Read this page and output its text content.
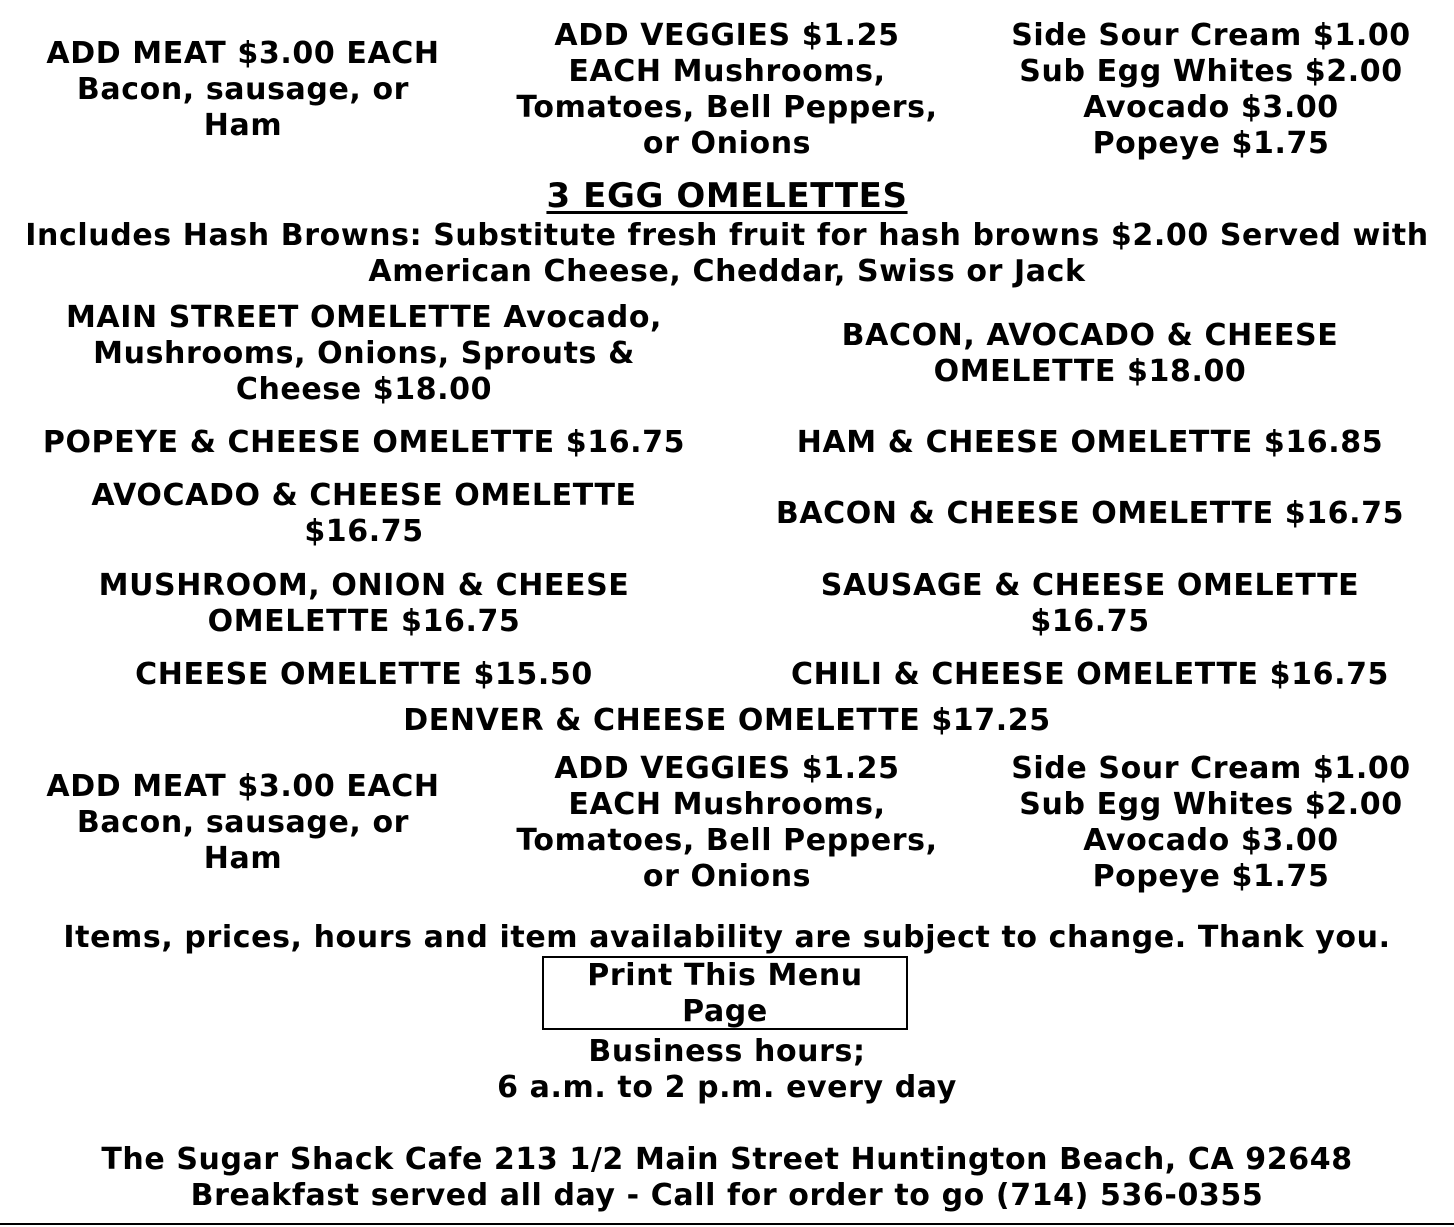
ADD MEAT $3.00 EACH
Bacon, sausage, or
Ham
ADD VEGGIES $1.25
EACH Mushrooms,
Tomatoes, Bell Peppers,
or Onions
Side Sour Cream $1.00
Sub Egg Whites $2.00
Avocado $3.00
Popeye $1.75
3 EGG OMELETTES
Includes Hash Browns: Substitute fresh fruit for hash browns $2.00 Served with
American Cheese, Cheddar, Swiss or Jack
MAIN STREET OMELETTE Avocado,
Mushrooms, Onions, Sprouts &
Cheese $18.00
POPEYE & CHEESE OMELETTE $16.75
AVOCADO & CHEESE OMELETTE
$16.75
MUSHROOM, ONION & CHEESE
OMELETTE $16.75
CHEESE OMELETTE $15.50
BACON, AVOCADO & CHEESE
OMELETTE $18.00
HAM & CHEESE OMELETTE $16.85
BACON & CHEESE OMELETTE $16.75
SAUSAGE & CHEESE OMELETTE
$16.75
CHILI & CHEESE OMELETTE $16.75
DENVER & CHEESE OMELETTE $17.25
ADD MEAT $3.00 EACH
Bacon, sausage, or
Ham
ADD VEGGIES $1.25
EACH Mushrooms,
Tomatoes, Bell Peppers,
or Onions
Side Sour Cream $1.00
Sub Egg Whites $2.00
Avocado $3.00
Popeye $1.75
Items, prices, hours and item availability are subject to change. Thank you.
Print This Menu
Page
Business hours;
6 a.m. to 2 p.m. every day
The Sugar Shack Cafe 213 1/2 Main Street Huntington Beach, CA 92648
Breakfast served all day - Call for order to go (714) 536-0355
